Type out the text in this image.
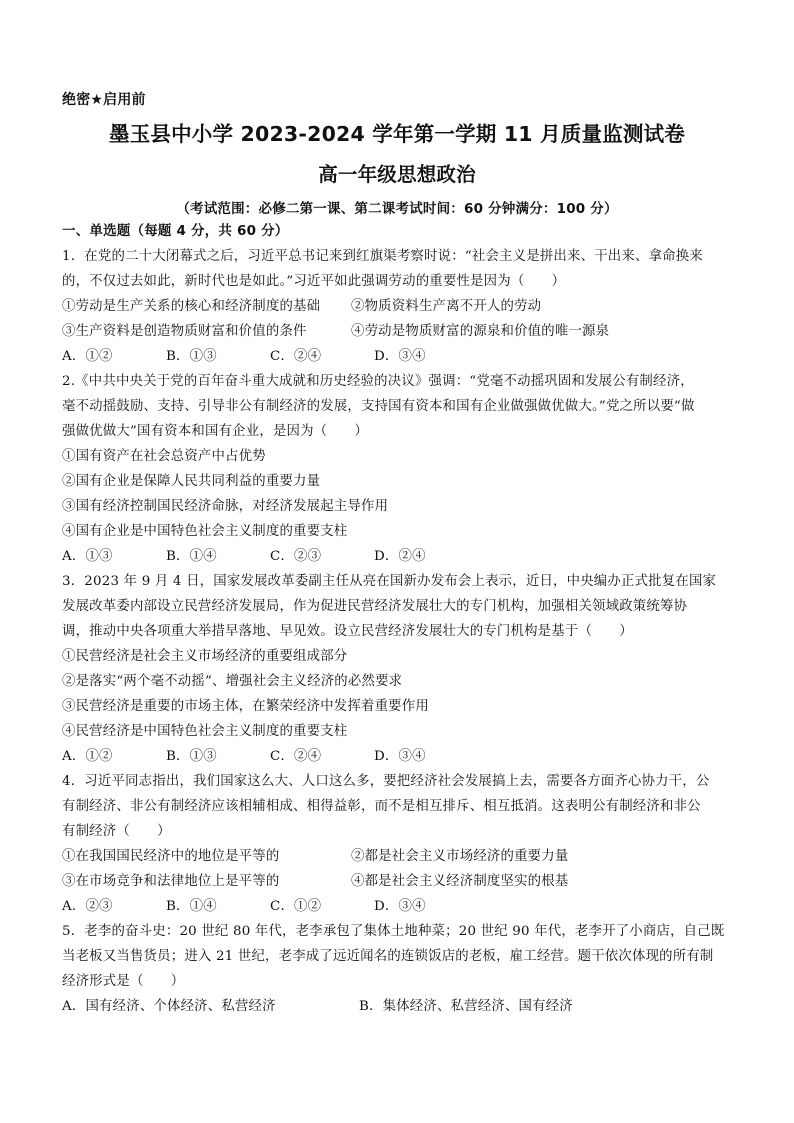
绝密★启用前
墨玉县中小学 2023-2024 学年第一学期 11 月质量监测试卷
高一年级思想政治
（考试范围：必修二第一课、第二课考试时间：60 分钟满分：100 分）
一、单选题（每题 4 分，共 60 分）
1．在党的二十大闭幕式之后，习近平总书记来到红旗渠考察时说：“社会主义是拼出来、干出来、拿命换来
的，不仅过去如此，新时代也是如此。”习近平如此强调劳动的重要性是因为（　　）
①劳动是生产关系的核心和经济制度的基础 ②物质资料生产离不开人的劳动
③生产资料是创造物质财富和价值的条件	④劳动是物质财富的源泉和价值的唯一源泉
A．①②	B．①③	C．②④	D．③④
2.《中共中央关于党的百年奋斗重大成就和历史经验的决议》强调：“党毫不动摇巩固和发展公有制经济，
毫不动摇鼓励、支持、引导非公有制经济的发展，支持国有资本和国有企业做强做优做大。”党之所以要“做
强做优做大”国有资本和国有企业，是因为（　　）
①国有资产在社会总资产中占优势
②国有企业是保障人民共同利益的重要力量
③国有经济控制国民经济命脉，对经济发展起主导作用
④国有企业是中国特色社会主义制度的重要支柱
A．①③	B．①④	C．②③	D．②④
3．2023 年 9 月 4 日，国家发展改革委副主任从亮在国新办发布会上表示，近日，中央编办正式批复在国家
发展改革委内部设立民营经济发展局，作为促进民营经济发展壮大的专门机构，加强相关领域政策统筹协
调，推动中央各项重大举措早落地、早见效。设立民营经济发展壮大的专门机构是基于（　　）
①民营经济是社会主义市场经济的重要组成部分
②是落实“两个毫不动摇”、增强社会主义经济的必然要求
③民营经济是重要的市场主体，在繁荣经济中发挥着重要作用
④民营经济是中国特色社会主义制度的重要支柱
A．①②	B．①③	C．②④	D．③④
4．习近平同志指出，我们国家这么大、人口这么多，要把经济社会发展搞上去，需要各方面齐心协力干，公
有制经济、非公有制经济应该相辅相成、相得益彰，而不是相互排斥、相互抵消。这表明公有制经济和非公
有制经济（　　）
①在我国国民经济中的地位是平等的	②都是社会主义市场经济的重要力量
③在市场竞争和法律地位上是平等的	④都是社会主义经济制度坚实的根基
A．②③	B．①④	C．①②	D．③④
5．老李的奋斗史：20 世纪 80 年代，老李承包了集体土地种菜；20 世纪 90 年代，老李开了小商店，自己既
当老板又当售货员；进入 21 世纪，老李成了远近闻名的连锁饭店的老板，雇工经营。题干依次体现的所有制
经济形式是（　　）
A．国有经济、个体经济、私营经济	B．集体经济、私营经济、国有经济
